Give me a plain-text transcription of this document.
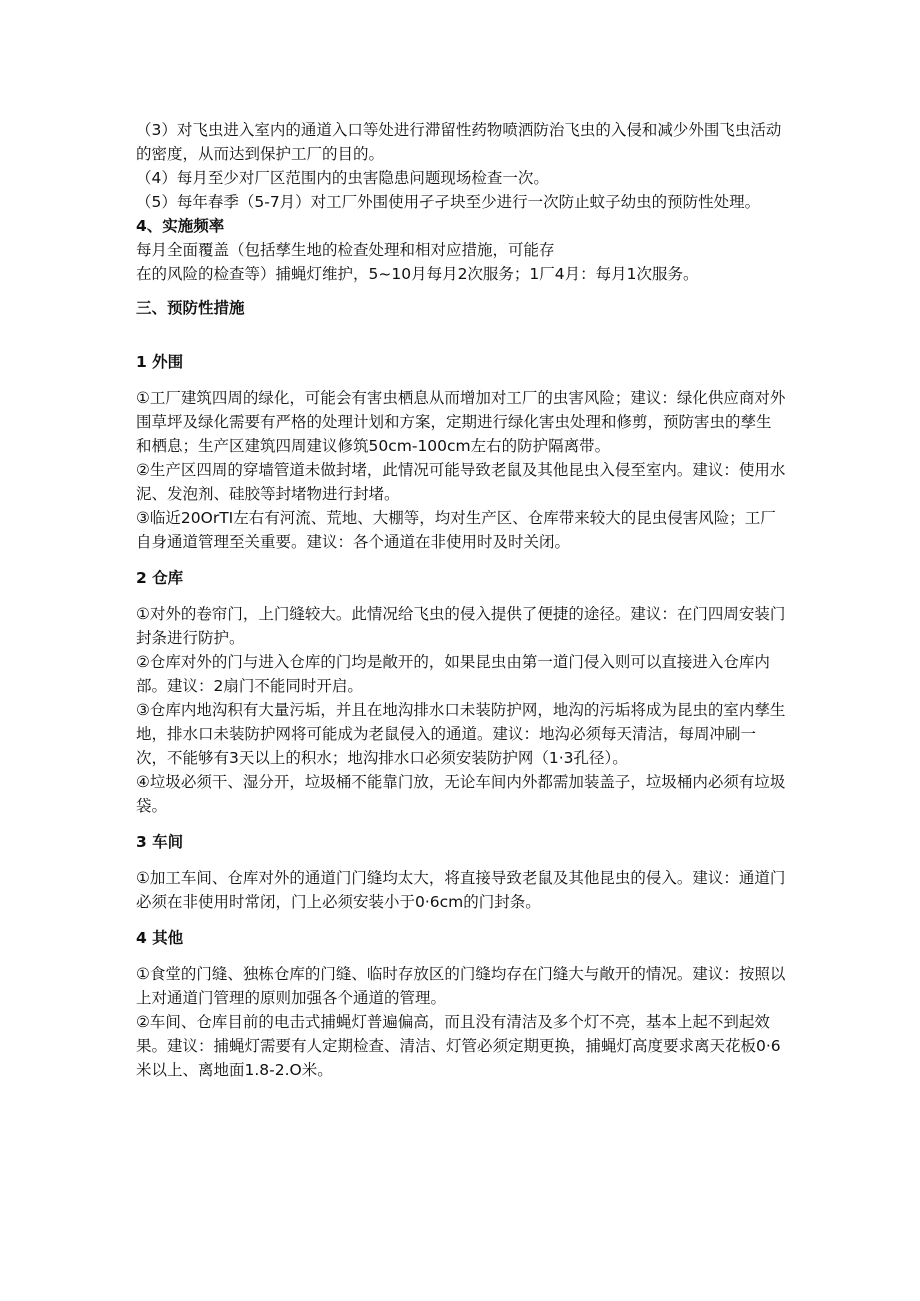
（3）对飞虫进入室内的通道入口等处进行滞留性药物喷洒防治飞虫的入侵和减少外围飞虫活动的密度，从而达到保护工厂的目的。

（4）每月至少对厂区范围内的虫害隐患问题现场检查一次。

（5）每年春季（5-7月）对工厂外围使用孑孑块至少进行一次防止蚊子幼虫的预防性处理。

4、实施频率

每月全面覆盖（包括孳生地的检查处理和相对应措施，可能存

在的风险的检查等）捕蝇灯维护，5~10月每月2次服务；1厂4月：每月1次服务。

三、预防性措施

1 外围

①工厂建筑四周的绿化，可能会有害虫栖息从而增加对工厂的虫害风险；建议：绿化供应商对外围草坪及绿化需要有严格的处理计划和方案，定期进行绿化害虫处理和修剪，预防害虫的孳生和栖息；生产区建筑四周建议修筑50cm-100cm左右的防护隔离带。

②生产区四周的穿墙管道未做封堵，此情况可能导致老鼠及其他昆虫入侵至室内。建议：使用水泥、发泡剂、硅胶等封堵物进行封堵。

③临近20OrTI左右有河流、荒地、大棚等，均对生产区、仓库带来较大的昆虫侵害风险；工厂自身通道管理至关重要。建议：各个通道在非使用时及时关闭。

2 仓库

①对外的卷帘门，上门缝较大。此情况给飞虫的侵入提供了便捷的途径。建议：在门四周安装门封条进行防护。

②仓库对外的门与进入仓库的门均是敞开的，如果昆虫由第一道门侵入则可以直接进入仓库内部。建议：2扇门不能同时开启。

③仓库内地沟积有大量污垢，并且在地沟排水口未装防护网，地沟的污垢将成为昆虫的室内孳生地，排水口未装防护网将可能成为老鼠侵入的通道。建议：地沟必须每天清洁，每周冲刷一次，不能够有3天以上的积水；地沟排水口必须安装防护网（1·3孔径）。

④垃圾必须干、湿分开，垃圾桶不能靠门放，无论车间内外都需加装盖子，垃圾桶内必须有垃圾袋。

3 车间

①加工车间、仓库对外的通道门门缝均太大，将直接导致老鼠及其他昆虫的侵入。建议：通道门必须在非使用时常闭，门上必须安装小于0·6cm的门封条。

4 其他

①食堂的门缝、独栋仓库的门缝、临时存放区的门缝均存在门缝大与敞开的情况。建议：按照以上对通道门管理的原则加强各个通道的管理。

②车间、仓库目前的电击式捕蝇灯普遍偏高，而且没有清洁及多个灯不亮，基本上起不到起效果。建议：捕蝇灯需要有人定期检查、清洁、灯管必须定期更换，捕蝇灯高度要求离天花板0·6米以上、离地面1.8-2.O米。
